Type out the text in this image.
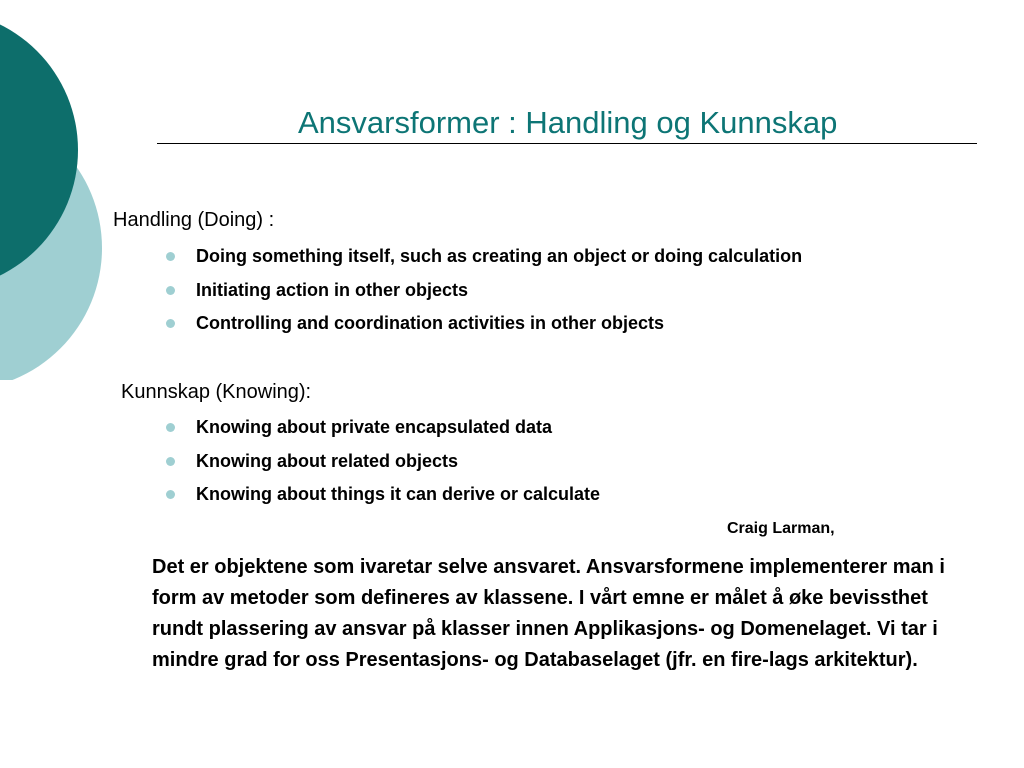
Ansvarsformer : Handling og Kunnskap
Handling (Doing) :
Doing something itself, such as creating an object or doing calculation
Initiating action in other objects
Controlling and coordination activities in other objects
Kunnskap (Knowing):
Knowing about private encapsulated data
Knowing about related objects
Knowing about things it can derive or calculate
Craig Larman,
Det er objektene som ivaretar selve ansvaret. Ansvarsformene implementerer man i form av metoder som defineres av klassene. I vårt emne er målet å øke bevissthet rundt plassering av ansvar på klasser innen Applikasjons- og Domenelaget. Vi tar i mindre grad for oss Presentasjons- og Databaselaget (jfr. en fire-lags arkitektur).
